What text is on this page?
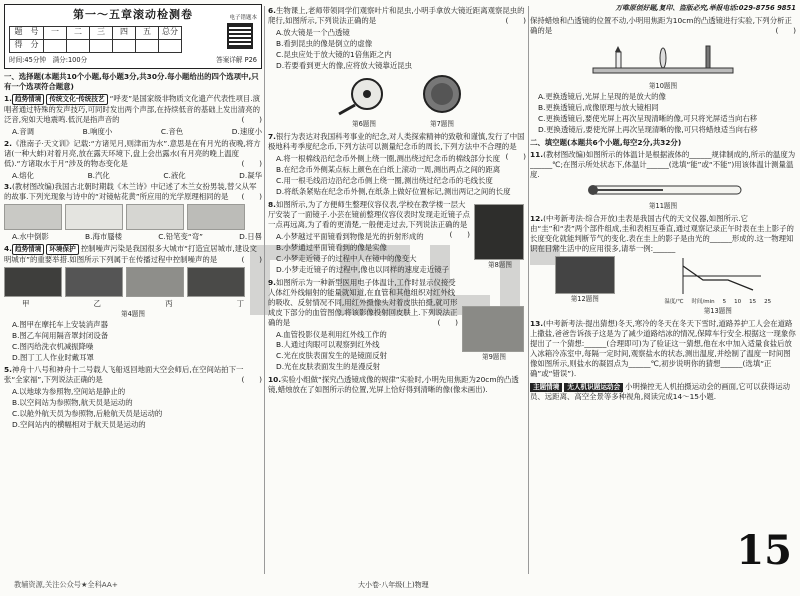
第一～五章滚动检测卷
题　号	一	二	三	四	五	总分
得　分						
电子错题本
时间:45分钟　满分:100分	答案详解 P26
一、选择题(本题共10个小题,每小题3分,共30分.每小题给出的四个选项中,只有一个选项符合题意)
1. 趋势情境 传统文化·传统技艺 “呼麦”是国家级非物质文化遗产代表性项目.演唱者通过特殊的发声技巧,可同时发出两个声部,在持续低音的基础上发出清亮的泛音,宛如天地震鸣.低沉是指声音的	(　　)
A.音调	B.响度小	C.音色	D.速度小
2.《淮南子·天文训》记载:“方诸见月,则津而为水”.意思是在有月光的夜晚,将方诸(一种大蚌)对着月亮,放在露天环境下,盘上会出露水(有月亮的晚上温度低).“方诸取水于月”涉及的物态变化是	(　　)
A.熔化	B.汽化	C.液化	D.凝华
3.(教材图改编)我国古北朝时期载《木兰诗》中记述了木兰女扮男装,替父从军的故事.下列光现象与诗中的“对镜帖花黄”所应用的光学原理相同的是 (　　)
A.水中倒影	B.海市蜃楼	C.铅笔变“弯”	D.日晷
4. 趋势情境 环境保护 控制噪声污染是我国很多大城市“打造宜居城市,建设文明城市”的重要举措.如图所示下列属于在传播过程中控制噪声的是	(　　)
甲	乙	丙	丁
第4题图
A.图甲在摩托车上安装消声器
B.图乙车间用隔音罩封闭设备
C.图丙给洗衣机减振降噪
D.图丁工人作业时戴耳罩
5.神舟十八号和神舟十二号载人飞船返回地面大空会师后,在空间站拍下一张“全家福”,下列说法正确的是	(　　)
A.以地球为参照物,空间站是静止的
B.以空间站为参照物,航天员是运动的
C.以舱外航天员为参照物,后舱航天员是运动的
D.空间站内的横幅相对于航天员是运动的
6.生物课上,老师带领同学们观察叶片和昆虫,小明手拿放大镜近距离观察昆虫的爬行,如图所示,下列说法正确的是	(　　)
A.放大镜是一个凸透镜
B.看到昆虫的像是倒立的虚像
C.昆虫应处于放大镜的1倍焦距之内
D.若要看到更大的像,应将放大镜靠近昆虫
第6题图	第7题图
7.银行为表达对我国科考事业的纪念,对人类探索精神的致敬和谨慎,发行了中国极地科考季度纪念币,下列方法可以测量纪念币的周长,下列方法中不合理的是
(　　)
A.将一根棉线沿纪念币外侧上绕一圈,测出绕过纪念币的棉线部分长度
B.在纪念币外侧某点标上颜色在白纸上滚动一周,测出两点之间的距离
C.用一根毛线沿边沿纪念币侧上绕一圈,测出绕过纪念币的毛线长度
D.将纸条紧贴在纪念币外侧,在纸条上做好位置标记,测出两记之间的长度
8.如图所示,为了方便师生整理仪容仪表,学校在教学楼一层大厅安装了一面镜子.小芸在镜前整理仪容仪表时发现走近镜子点一点再远离,为了看的更清楚,一般便走过去,下列说法正确的是
(　　)
A.小梦越过平面镜看到物像是光的折射形成的
B.小梦通过平面镜看到的像是实像
C.小梦走近镜子的过程中人在镜中的像变大
D.小梦走近镜子的过程中,像也以同样的速度走近镜子	第8题图
9.如图所示为一种新型医用电子体温计,工作时显示仪接受人体红外线辐射的能量就知道,在血管和其他组织对红外线的吸收、反射情况不同,用红外摄像头对着皮肤拍摄,就可形成皮下部分的血管图像,将该影像投射回皮肤上.下列说法正确的是	(　　)
A.血管投影仪是利用红外线工作的
B.人通过肉眼可以观察到红外线
C.光在皮肤表面发生的是镜面反射
D.光在皮肤表面发生的是漫反射
第9题图
10.实验小组做“探究凸透镜成像的规律”实验时,小明先用焦距为20cm的凸透镜,蜡烛放在了如图所示的位置,光屏上恰好得到清晰的像(像未画出).
万唯原创好题,复印、盗版必究,举报电话:029-8756 9851
保持蜡烛和凸透镜的位置不动,小明用焦距为10cm的凸透镜进行实验,下列分析正确的是	(　　)
第10题图
A.更换透镜后,光屏上呈现的是放大的像
B.更换透镜后,成像原理与放大镜相同
C.更换透镜后,要使光屏上再次呈现清晰的像,可只将光屏适当向右移
D.更换透镜后,要使光屏上再次呈现清晰的像,可只将蜡烛适当向右移
二、填空题(本题共6个小题,每空2分,共32分)
11.(教材图改编)如图所示的体温计是根据液体的______规律制成的,所示的温度为______℃;在图示所处状态下,体温计______(选填“能”或“不能”)用该体温计测量温度.
第11题图
12.(中考新考法·综合开放)圭表是我国古代的天文仪器,如图所示.它由“圭”和“表”两个部件组成,圭和表相互垂直,通过观察记录正午时表在圭上影子的长度变化就能判断节气的变化.表在圭上的影子是由光的______形成的.这一物理知识在日常生活中的应用很多,请举一例:______
第12题图	温度/℃ 时间/min 5 10 15 25
第13题图
13.(中考新考法·提出猜想)冬天,寒冷的冬天在冬天下雪时,道路养护工人会在道路上撒盐,爸爸告诉孩子这是为了减少道路结冰的情况,保障车行安全.根据这一现象你提出了一个猜想:______(合理即可)为了验证这一猜想,他在水中加入适量食盐后放入冰箱冷冻室中,每隔一定时间,观察盐水的状态,测出温度,并绘制了温度一时间图像如图所示,则盐水的凝固点为______℃,初步说明你的猜想______(选填“正确”或“错误”).
主题情境 无人机识题运动会 小明操控无人机拍摄运动会的画面,它可以获得运动员、远距离、高空全景等多种视角,阅读完成14～15小题.
教辅资源,关注公众号★全科AA+	大小卷·八年级(上)物理
15
